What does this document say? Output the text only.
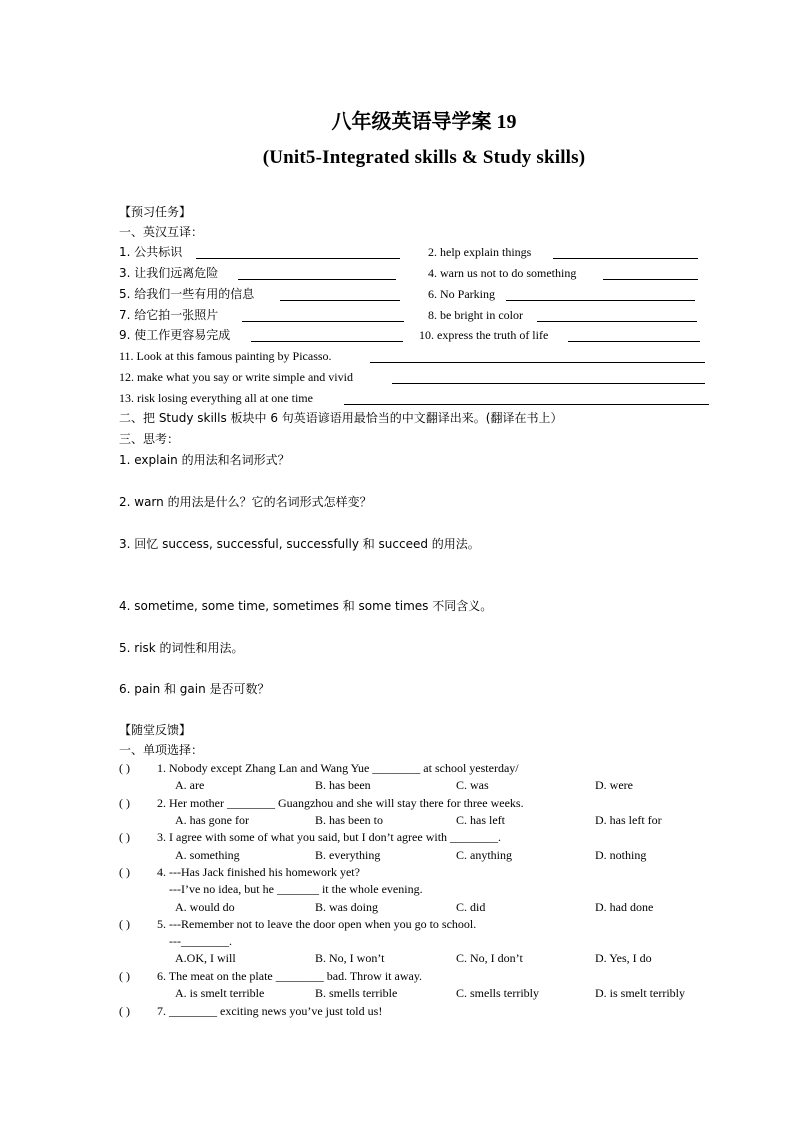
八年级英语导学案 19
(Unit5-Integrated skills & Study skills)
【预习任务】
一、英汉互译：
1. 公共标识	2. help explain things
3. 让我们远离危险	4. warn us not to do something
5. 给我们一些有用的信息	6. No Parking
7. 给它拍一张照片	8. be bright in color
9. 使工作更容易完成	10. express the truth of life
11. Look at this famous painting by Picasso.
12. make what you say or write simple and vivid
13. risk losing everything all at one time
二、把 Study skills 板块中 6 句英语谚语用最恰当的中文翻译出来。(翻译在书上）
三、思考：
1. explain 的用法和名词形式？
2. warn 的用法是什么？它的名词形式怎样变？
3. 回忆 success, successful, successfully 和 succeed 的用法。
4. sometime, some time, sometimes 和 some times 不同含义。
5. risk 的词性和用法。
6. pain 和 gain 是否可数？
【随堂反馈】
一、单项选择：
( ) 1. Nobody except Zhang Lan and Wang Yue ________ at school yesterday/
A. are	B. has been	C. was	D. were
( ) 2. Her mother ________ Guangzhou and she will stay there for three weeks.
A. has gone for	B. has been to	C. has left	D. has left for
( ) 3. I agree with some of what you said, but I don’t agree with ________.
A. something	B. everything	C. anything	D. nothing
( ) 4. ---Has Jack finished his homework yet?
---I’ve no idea, but he _______ it the whole evening.
A. would do	B. was doing	C. did	D. had done
( ) 5. ---Remember not to leave the door open when you go to school.
---________.
A.OK, I will	B. No, I won’t	C. No, I don’t	D. Yes, I do
( ) 6. The meat on the plate ________ bad. Throw it away.
A. is smelt terrible	B. smells terrible	C. smells terribly	D. is smelt terribly
( ) 7. ________ exciting news you’ve just told us!
